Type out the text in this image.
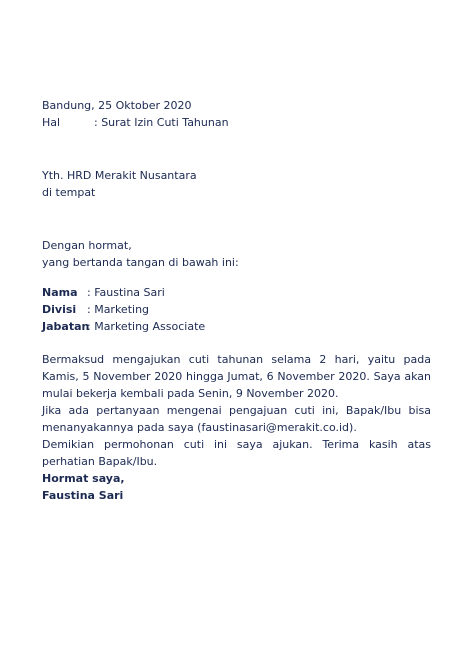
Bandung, 25 Oktober 2020

Hal	: Surat Izin Cuti Tahunan

Yth. HRD Merakit Nusantara

di tempat

Dengan hormat,

yang bertanda tangan di bawah ini:

Nama : Faustina Sari
Divisi : Marketing
Jabatan
: Marketing Associate

Bermaksud mengajukan cuti tahunan selama 2 hari, yaitu pada Kamis, 5 November 2020 hingga Jumat, 6 November 2020. Saya akan mulai bekerja kembali pada Senin, 9 November 2020.

Jika ada pertanyaan mengenai pengajuan cuti ini, Bapak/Ibu bisa menanyakannya pada saya (faustinasari@merakit.co.id).

Demikian permohonan cuti ini saya ajukan. Terima kasih atas perhatian Bapak/Ibu.

Hormat saya,

Faustina Sari
